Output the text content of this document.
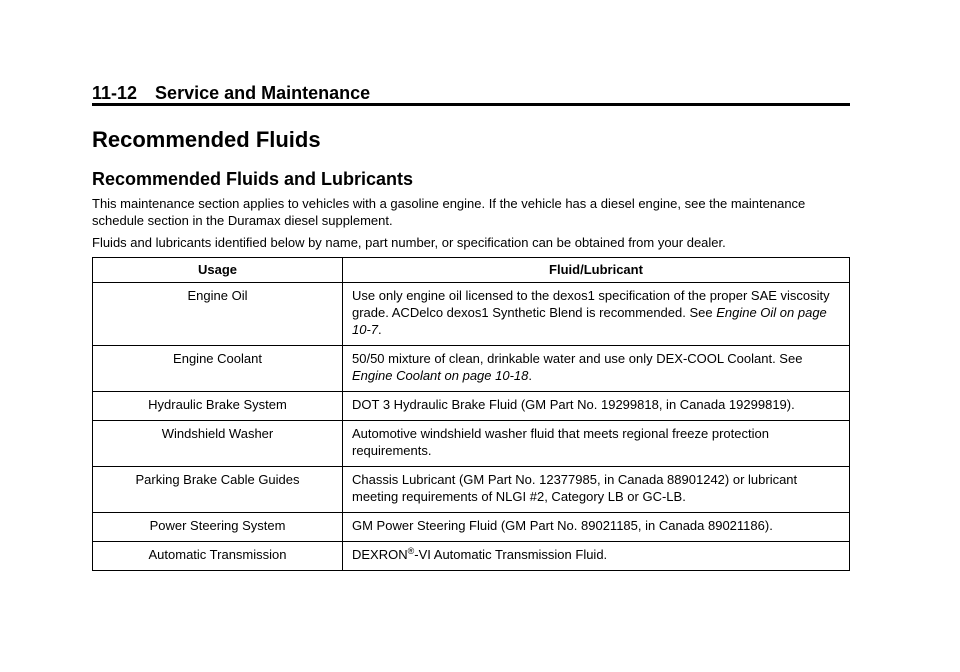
11-12 Service and Maintenance
Recommended Fluids
Recommended Fluids and Lubricants

This maintenance section applies to vehicles with a gasoline engine. If the vehicle has a diesel engine, see the maintenance schedule section in the Duramax diesel supplement.

Fluids and lubricants identified below by name, part number, or specification can be obtained from your dealer.

Usage	Fluid/Lubricant
Engine Oil	Use only engine oil licensed to the dexos1 specification of the proper SAE viscosity grade. ACDelco dexos1 Synthetic Blend is recommended. See Engine Oil on page 10-7.
Engine Coolant	50/50 mixture of clean, drinkable water and use only DEX-COOL Coolant. See Engine Coolant on page 10-18.
Hydraulic Brake System	DOT 3 Hydraulic Brake Fluid (GM Part No. 19299818, in Canada 19299819).
Windshield Washer	Automotive windshield washer fluid that meets regional freeze protection requirements.
Parking Brake Cable Guides	Chassis Lubricant (GM Part No. 12377985, in Canada 88901242) or lubricant meeting requirements of NLGI #2, Category LB or GC-LB.
Power Steering System	GM Power Steering Fluid (GM Part No. 89021185, in Canada 89021186).
Automatic Transmission	DEXRON®-VI Automatic Transmission Fluid.
